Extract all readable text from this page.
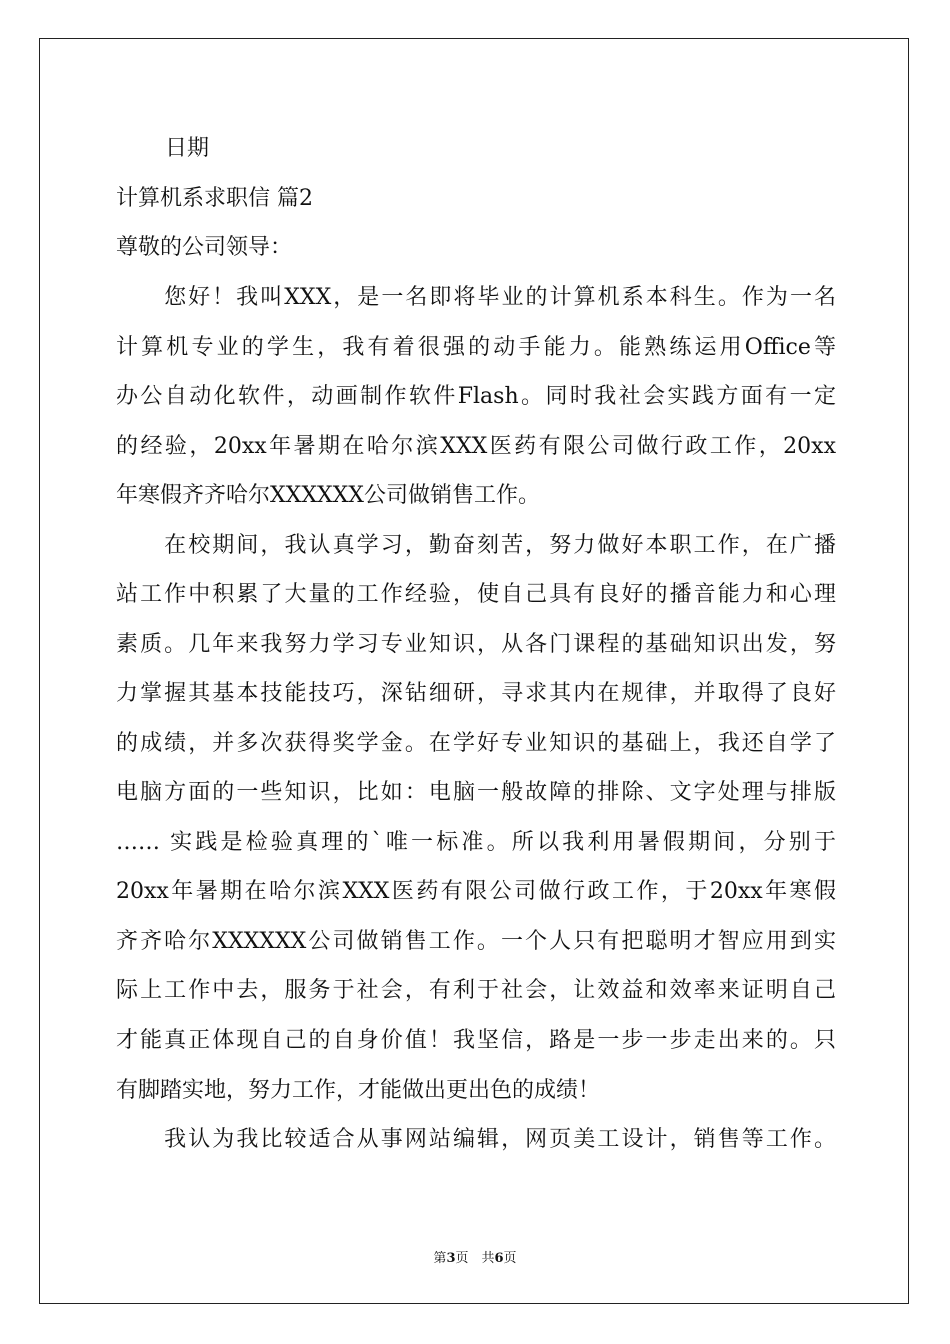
日期
计算机系求职信 篇2
尊敬的公司领导：
　　您好！我叫XXX，是一名即将毕业的计算机系本科生。作为一名
计算机专业的学生，我有着很强的动手能力。能熟练运用Office等
办公自动化软件，动画制作软件Flash。同时我社会实践方面有一定
的经验，20xx年暑期在哈尔滨XXX医药有限公司做行政工作，20xx
年寒假齐齐哈尔XXXXXX公司做销售工作。
　　在校期间，我认真学习，勤奋刻苦，努力做好本职工作，在广播
站工作中积累了大量的工作经验，使自己具有良好的播音能力和心理
素质。几年来我努力学习专业知识，从各门课程的基础知识出发，努
力掌握其基本技能技巧，深钻细研，寻求其内在规律，并取得了良好
的成绩，并多次获得奖学金。在学好专业知识的基础上，我还自学了
电脑方面的一些知识，比如：电脑一般故障的排除、文字处理与排版
…… 实践是检验真理的`唯一标准。所以我利用暑假期间，分别于
20xx年暑期在哈尔滨XXX医药有限公司做行政工作，于20xx年寒假
齐齐哈尔XXXXXX公司做销售工作。一个人只有把聪明才智应用到实
际上工作中去，服务于社会，有利于社会，让效益和效率来证明自己
才能真正体现自己的自身价值！我坚信，路是一步一步走出来的。只
有脚踏实地，努力工作，才能做出更出色的成绩！
　　我认为我比较适合从事网站编辑，网页美工设计，销售等工作。
第3页　共6页
